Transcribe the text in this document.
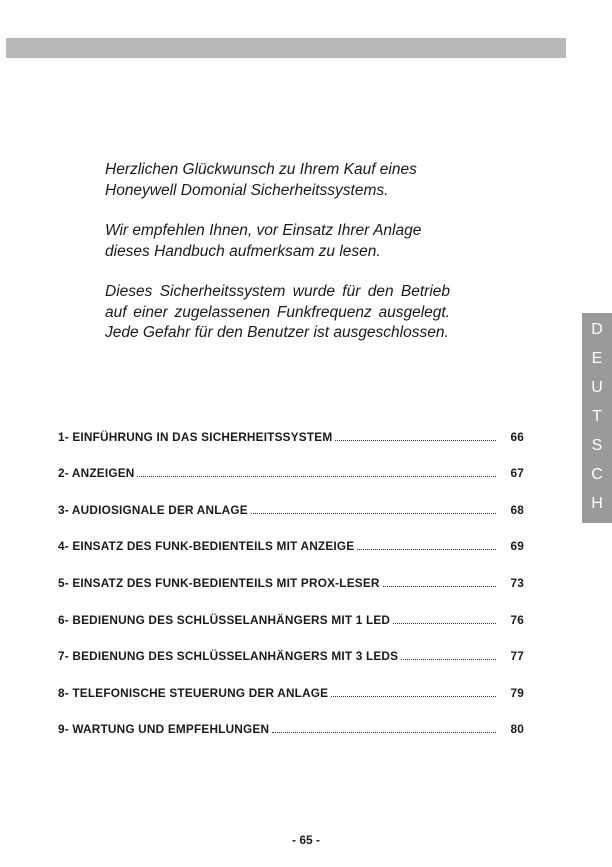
Herzlichen Glückwunsch zu Ihrem Kauf eines Honeywell Domonial Sicherheitssystems.

Wir empfehlen Ihnen, vor Einsatz Ihrer Anlage dieses Handbuch aufmerksam zu lesen.

Dieses Sicherheitssystem wurde für den Betrieb auf einer zugelassenen Funkfrequenz ausgelegt. Jede Gefahr für den Benutzer ist ausgeschlossen.	D
E
U
T
S
C
H
1- EINFÜHRUNG IN DAS SICHERHEITSSYSTEM	66
2- ANZEIGEN	67
3- AUDIOSIGNALE DER ANLAGE	68
4- EINSATZ DES FUNK-BEDIENTEILS MIT ANZEIGE	69
5- EINSATZ DES FUNK-BEDIENTEILS MIT PROX-LESER	73
6- BEDIENUNG DES SCHLÜSSELANHÄNGERS MIT 1 LED	76
7- BEDIENUNG DES SCHLÜSSELANHÄNGERS MIT 3 LEDS	77
8- TELEFONISCHE STEUERUNG DER ANLAGE	79
9- WARTUNG UND EMPFEHLUNGEN	80
- 65 -
